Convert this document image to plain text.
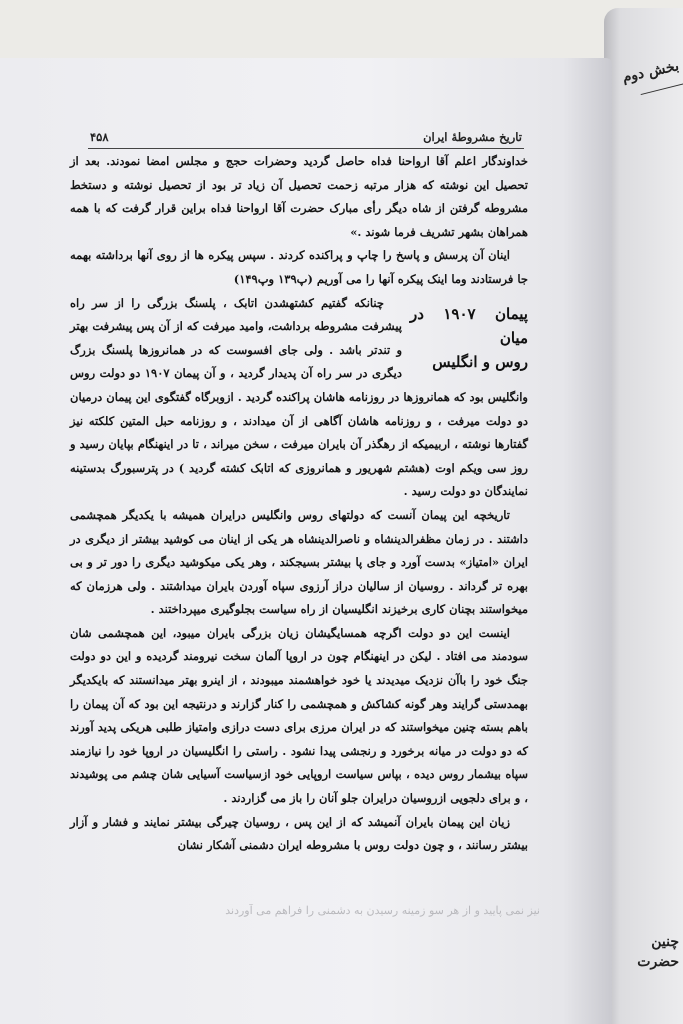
بخش دوم
چنین
حضرت
تاریخ مشروطهٔ ایران
۴۵۸

خداوندگار اعلم آقا ارواحنا فداه حاصل گردید وحضرات حجج و مجلس امضا نمودند. بعد از تحصیل این نوشته که هزار مرتبه زحمت تحصیل آن زیاد تر بود از تحصیل نوشته و دستخط مشروطه گرفتن از شاه دیگر رأی مبارک حضرت آقا ارواحنا فداه براین قرار گرفت که با همه همراهان بشهر تشریف فرما شوند .»

اینان آن پرسش و پاسخ را چاپ و پراکنده کردند . سپس پیکره ها از روی آنها برداشته بهمه جا فرستادند وما اینک پیکره آنها را می آوریم (پ۱۳۹ وپ۱۴۹)

پیمان ۱۹۰۷ در میان
روس و انگلیس

چنانکه گفتیم کشتهشدن اتابک ، پلسنگ بزرگی را از سر راه پیشرفت مشروطه برداشت، وامید میرفت که از آن پس پیشرفت بهتر و تندتر باشد . ولی جای افسوست که در همانروزها پلسنگ بزرگ دیگری در سر راه آن پدیدار گردید ، و آن پیمان ۱۹۰۷ دو دولت روس وانگلیس بود که همانروزها در روزنامه هاشان پراکنده گردید . ازوبرگاه گفتگوی این پیمان درمیان دو دولت میرفت ، و روزنامه هاشان آگاهی از آن میدادند ، و روزنامه حبل المتین کلکته نیز گفتارها نوشته ، اربیمیکه از رهگذر آن بایران میرفت ، سخن میراند ، تا در اینهنگام بپایان رسید و روز سی ویکم اوت (هشتم شهریور و همانروزی که اتابک کشته گردید ) در پترسبورگ بدستینه نمایندگان دو دولت رسید .

تاریخچه این پیمان آنست که دولتهای روس وانگلیس درایران همیشه با یکدیگر همچشمی داشتند . در زمان مظفرالدینشاه و ناصرالدینشاه هر یکی از اینان می کوشید بیشتر از دیگری در ایران «امتیاز» بدست آورد و جای پا بیشتر بسیجکند ، وهر یکی میکوشید دیگری را دور تر و بی بهره تر گرداند . روسیان از سالیان دراز آرزوی سپاه آوردن بایران میداشتند . ولی هرزمان که میخواستند بچنان کاری برخیزند انگلیسیان از راه سیاست بجلوگیری میپرداختند .

اینست این دو دولت اگرچه همسایگیشان زیان بزرگی بایران میبود، این همچشمی شان سودمند می افتاد . لیکن در اینهنگام چون در اروپا آلمان سخت نیرومند گردیده و این دو دولت جنگ خود را باآن نزدیک میدیدند یا خود خواهشمند میبودند ، از اینرو بهتر میدانستند که بایکدیگر بهمدستی گرایند وهر گونه کشاکش و همچشمی را کنار گزارند و درنتیجه این بود که آن پیمان را باهم بسته چنین میخواستند که در ایران مرزی برای دست درازی وامتیاز طلبی هریکی پدید آورند که دو دولت در میانه برخورد و رنجشی پیدا نشود . راستی را انگلیسیان در اروپا خود را نیازمند سپاه بیشمار روس دیده ، بپاس سیاست اروپایی خود ازسیاست آسیایی شان چشم می پوشیدند ، و برای دلجویی ازروسیان درایران جلو آنان را باز می گزاردند .

زیان این پیمان بایران آنمیشد که از این پس ، روسیان چیرگی بیشتر نمایند و فشار و آزار بیشتر رسانند ، و چون دولت روس با مشروطه ایران دشمنی آشکار نشان

نیز نمی پایید و از هر سو زمینه رسیدن به دشمنی را فراهم می آوردند
